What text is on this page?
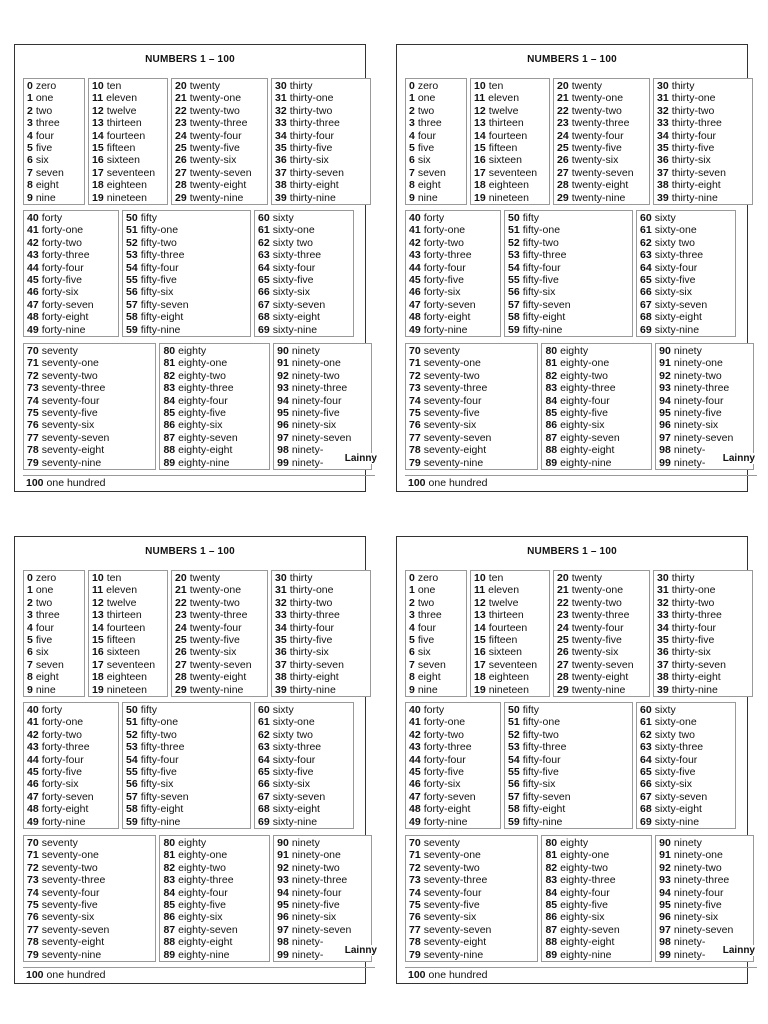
NUMBERS 1 – 100
0 zero
1 one
2 two
3 three
4 four
5 five
6 six
7 seven
8 eight
9 nine
10 ten
11 eleven
12 twelve
13 thirteen
14 fourteen
15 fifteen
16 sixteen
17 seventeen
18 eighteen
19 nineteen
20 twenty
21 twenty-one
22 twenty-two
23 twenty-three
24 twenty-four
25 twenty-five
26 twenty-six
27 twenty-seven
28 twenty-eight
29 twenty-nine
30 thirty
31 thirty-one
32 thirty-two
33 thirty-three
34 thirty-four
35 thirty-five
36 thirty-six
37 thirty-seven
38 thirty-eight
39 thirty-nine
40 forty
41 forty-one
42 forty-two
43 forty-three
44 forty-four
45 forty-five
46 forty-six
47 forty-seven
48 forty-eight
49 forty-nine
50 fifty
51 fifty-one
52 fifty-two
53 fifty-three
54 fifty-four
55 fifty-five
56 fifty-six
57 fifty-seven
58 fifty-eight
59 fifty-nine
60 sixty
61 sixty-one
62 sixty two
63 sixty-three
64 sixty-four
65 sixty-five
66 sixty-six
67 sixty-seven
68 sixty-eight
69 sixty-nine
70 seventy
71 seventy-one
72 seventy-two
73 seventy-three
74 seventy-four
75 seventy-five
76 seventy-six
77 seventy-seven
78 seventy-eight
79 seventy-nine
80 eighty
81 eighty-one
82 eighty-two
83 eighty-three
84 eighty-four
85 eighty-five
86 eighty-six
87 eighty-seven
88 eighty-eight
89 eighty-nine
90 ninety
91 ninety-one
92 ninety-two
93 ninety-three
94 ninety-four
95 ninety-five
96 ninety-six
97 ninety-seven
98 ninety-
99 ninety-	Lainny
100 one hundred
NUMBERS 1 – 100
0 zero
1 one
2 two
3 three
4 four
5 five
6 six
7 seven
8 eight
9 nine
10 ten
11 eleven
12 twelve
13 thirteen
14 fourteen
15 fifteen
16 sixteen
17 seventeen
18 eighteen
19 nineteen
20 twenty
21 twenty-one
22 twenty-two
23 twenty-three
24 twenty-four
25 twenty-five
26 twenty-six
27 twenty-seven
28 twenty-eight
29 twenty-nine
30 thirty
31 thirty-one
32 thirty-two
33 thirty-three
34 thirty-four
35 thirty-five
36 thirty-six
37 thirty-seven
38 thirty-eight
39 thirty-nine
40 forty
41 forty-one
42 forty-two
43 forty-three
44 forty-four
45 forty-five
46 forty-six
47 forty-seven
48 forty-eight
49 forty-nine
50 fifty
51 fifty-one
52 fifty-two
53 fifty-three
54 fifty-four
55 fifty-five
56 fifty-six
57 fifty-seven
58 fifty-eight
59 fifty-nine
60 sixty
61 sixty-one
62 sixty two
63 sixty-three
64 sixty-four
65 sixty-five
66 sixty-six
67 sixty-seven
68 sixty-eight
69 sixty-nine
70 seventy
71 seventy-one
72 seventy-two
73 seventy-three
74 seventy-four
75 seventy-five
76 seventy-six
77 seventy-seven
78 seventy-eight
79 seventy-nine
80 eighty
81 eighty-one
82 eighty-two
83 eighty-three
84 eighty-four
85 eighty-five
86 eighty-six
87 eighty-seven
88 eighty-eight
89 eighty-nine
90 ninety
91 ninety-one
92 ninety-two
93 ninety-three
94 ninety-four
95 ninety-five
96 ninety-six
97 ninety-seven
98 ninety-
99 ninety-	Lainny
100 one hundred
NUMBERS 1 – 100
0 zero
1 one
2 two
3 three
4 four
5 five
6 six
7 seven
8 eight
9 nine
10 ten
11 eleven
12 twelve
13 thirteen
14 fourteen
15 fifteen
16 sixteen
17 seventeen
18 eighteen
19 nineteen
20 twenty
21 twenty-one
22 twenty-two
23 twenty-three
24 twenty-four
25 twenty-five
26 twenty-six
27 twenty-seven
28 twenty-eight
29 twenty-nine
30 thirty
31 thirty-one
32 thirty-two
33 thirty-three
34 thirty-four
35 thirty-five
36 thirty-six
37 thirty-seven
38 thirty-eight
39 thirty-nine
40 forty
41 forty-one
42 forty-two
43 forty-three
44 forty-four
45 forty-five
46 forty-six
47 forty-seven
48 forty-eight
49 forty-nine
50 fifty
51 fifty-one
52 fifty-two
53 fifty-three
54 fifty-four
55 fifty-five
56 fifty-six
57 fifty-seven
58 fifty-eight
59 fifty-nine
60 sixty
61 sixty-one
62 sixty two
63 sixty-three
64 sixty-four
65 sixty-five
66 sixty-six
67 sixty-seven
68 sixty-eight
69 sixty-nine
70 seventy
71 seventy-one
72 seventy-two
73 seventy-three
74 seventy-four
75 seventy-five
76 seventy-six
77 seventy-seven
78 seventy-eight
79 seventy-nine
80 eighty
81 eighty-one
82 eighty-two
83 eighty-three
84 eighty-four
85 eighty-five
86 eighty-six
87 eighty-seven
88 eighty-eight
89 eighty-nine
90 ninety
91 ninety-one
92 ninety-two
93 ninety-three
94 ninety-four
95 ninety-five
96 ninety-six
97 ninety-seven
98 ninety-
99 ninety-	Lainny
100 one hundred
NUMBERS 1 – 100
0 zero
1 one
2 two
3 three
4 four
5 five
6 six
7 seven
8 eight
9 nine
10 ten
11 eleven
12 twelve
13 thirteen
14 fourteen
15 fifteen
16 sixteen
17 seventeen
18 eighteen
19 nineteen
20 twenty
21 twenty-one
22 twenty-two
23 twenty-three
24 twenty-four
25 twenty-five
26 twenty-six
27 twenty-seven
28 twenty-eight
29 twenty-nine
30 thirty
31 thirty-one
32 thirty-two
33 thirty-three
34 thirty-four
35 thirty-five
36 thirty-six
37 thirty-seven
38 thirty-eight
39 thirty-nine
40 forty
41 forty-one
42 forty-two
43 forty-three
44 forty-four
45 forty-five
46 forty-six
47 forty-seven
48 forty-eight
49 forty-nine
50 fifty
51 fifty-one
52 fifty-two
53 fifty-three
54 fifty-four
55 fifty-five
56 fifty-six
57 fifty-seven
58 fifty-eight
59 fifty-nine
60 sixty
61 sixty-one
62 sixty two
63 sixty-three
64 sixty-four
65 sixty-five
66 sixty-six
67 sixty-seven
68 sixty-eight
69 sixty-nine
70 seventy
71 seventy-one
72 seventy-two
73 seventy-three
74 seventy-four
75 seventy-five
76 seventy-six
77 seventy-seven
78 seventy-eight
79 seventy-nine
80 eighty
81 eighty-one
82 eighty-two
83 eighty-three
84 eighty-four
85 eighty-five
86 eighty-six
87 eighty-seven
88 eighty-eight
89 eighty-nine
90 ninety
91 ninety-one
92 ninety-two
93 ninety-three
94 ninety-four
95 ninety-five
96 ninety-six
97 ninety-seven
98 ninety-
99 ninety-	Lainny
100 one hundred
